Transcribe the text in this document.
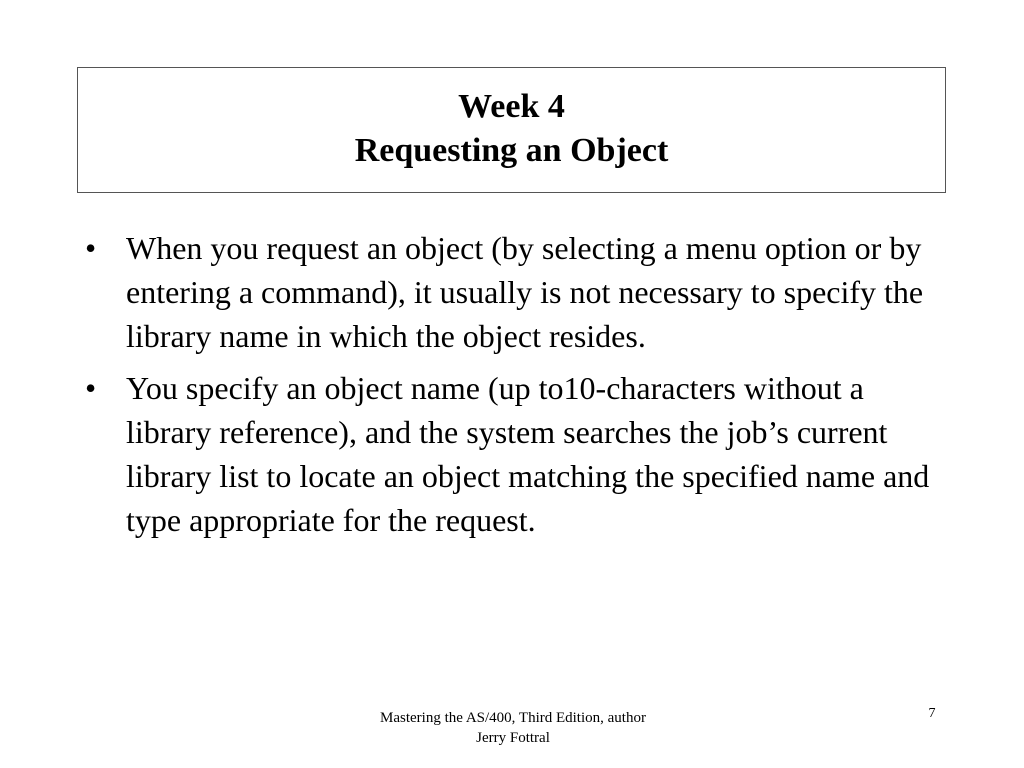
Week 4
Requesting an Object
• When you request an object (by selecting a menu option or by entering a command), it usually is not necessary to specify the library name in which the object resides.
• You specify an object name (up to10-characters without a library reference), and the system searches the job’s current library list to locate an object matching the specified name and type appropriate for the request.
Mastering the AS/400, Third Edition, author
Jerry Fottral
7
